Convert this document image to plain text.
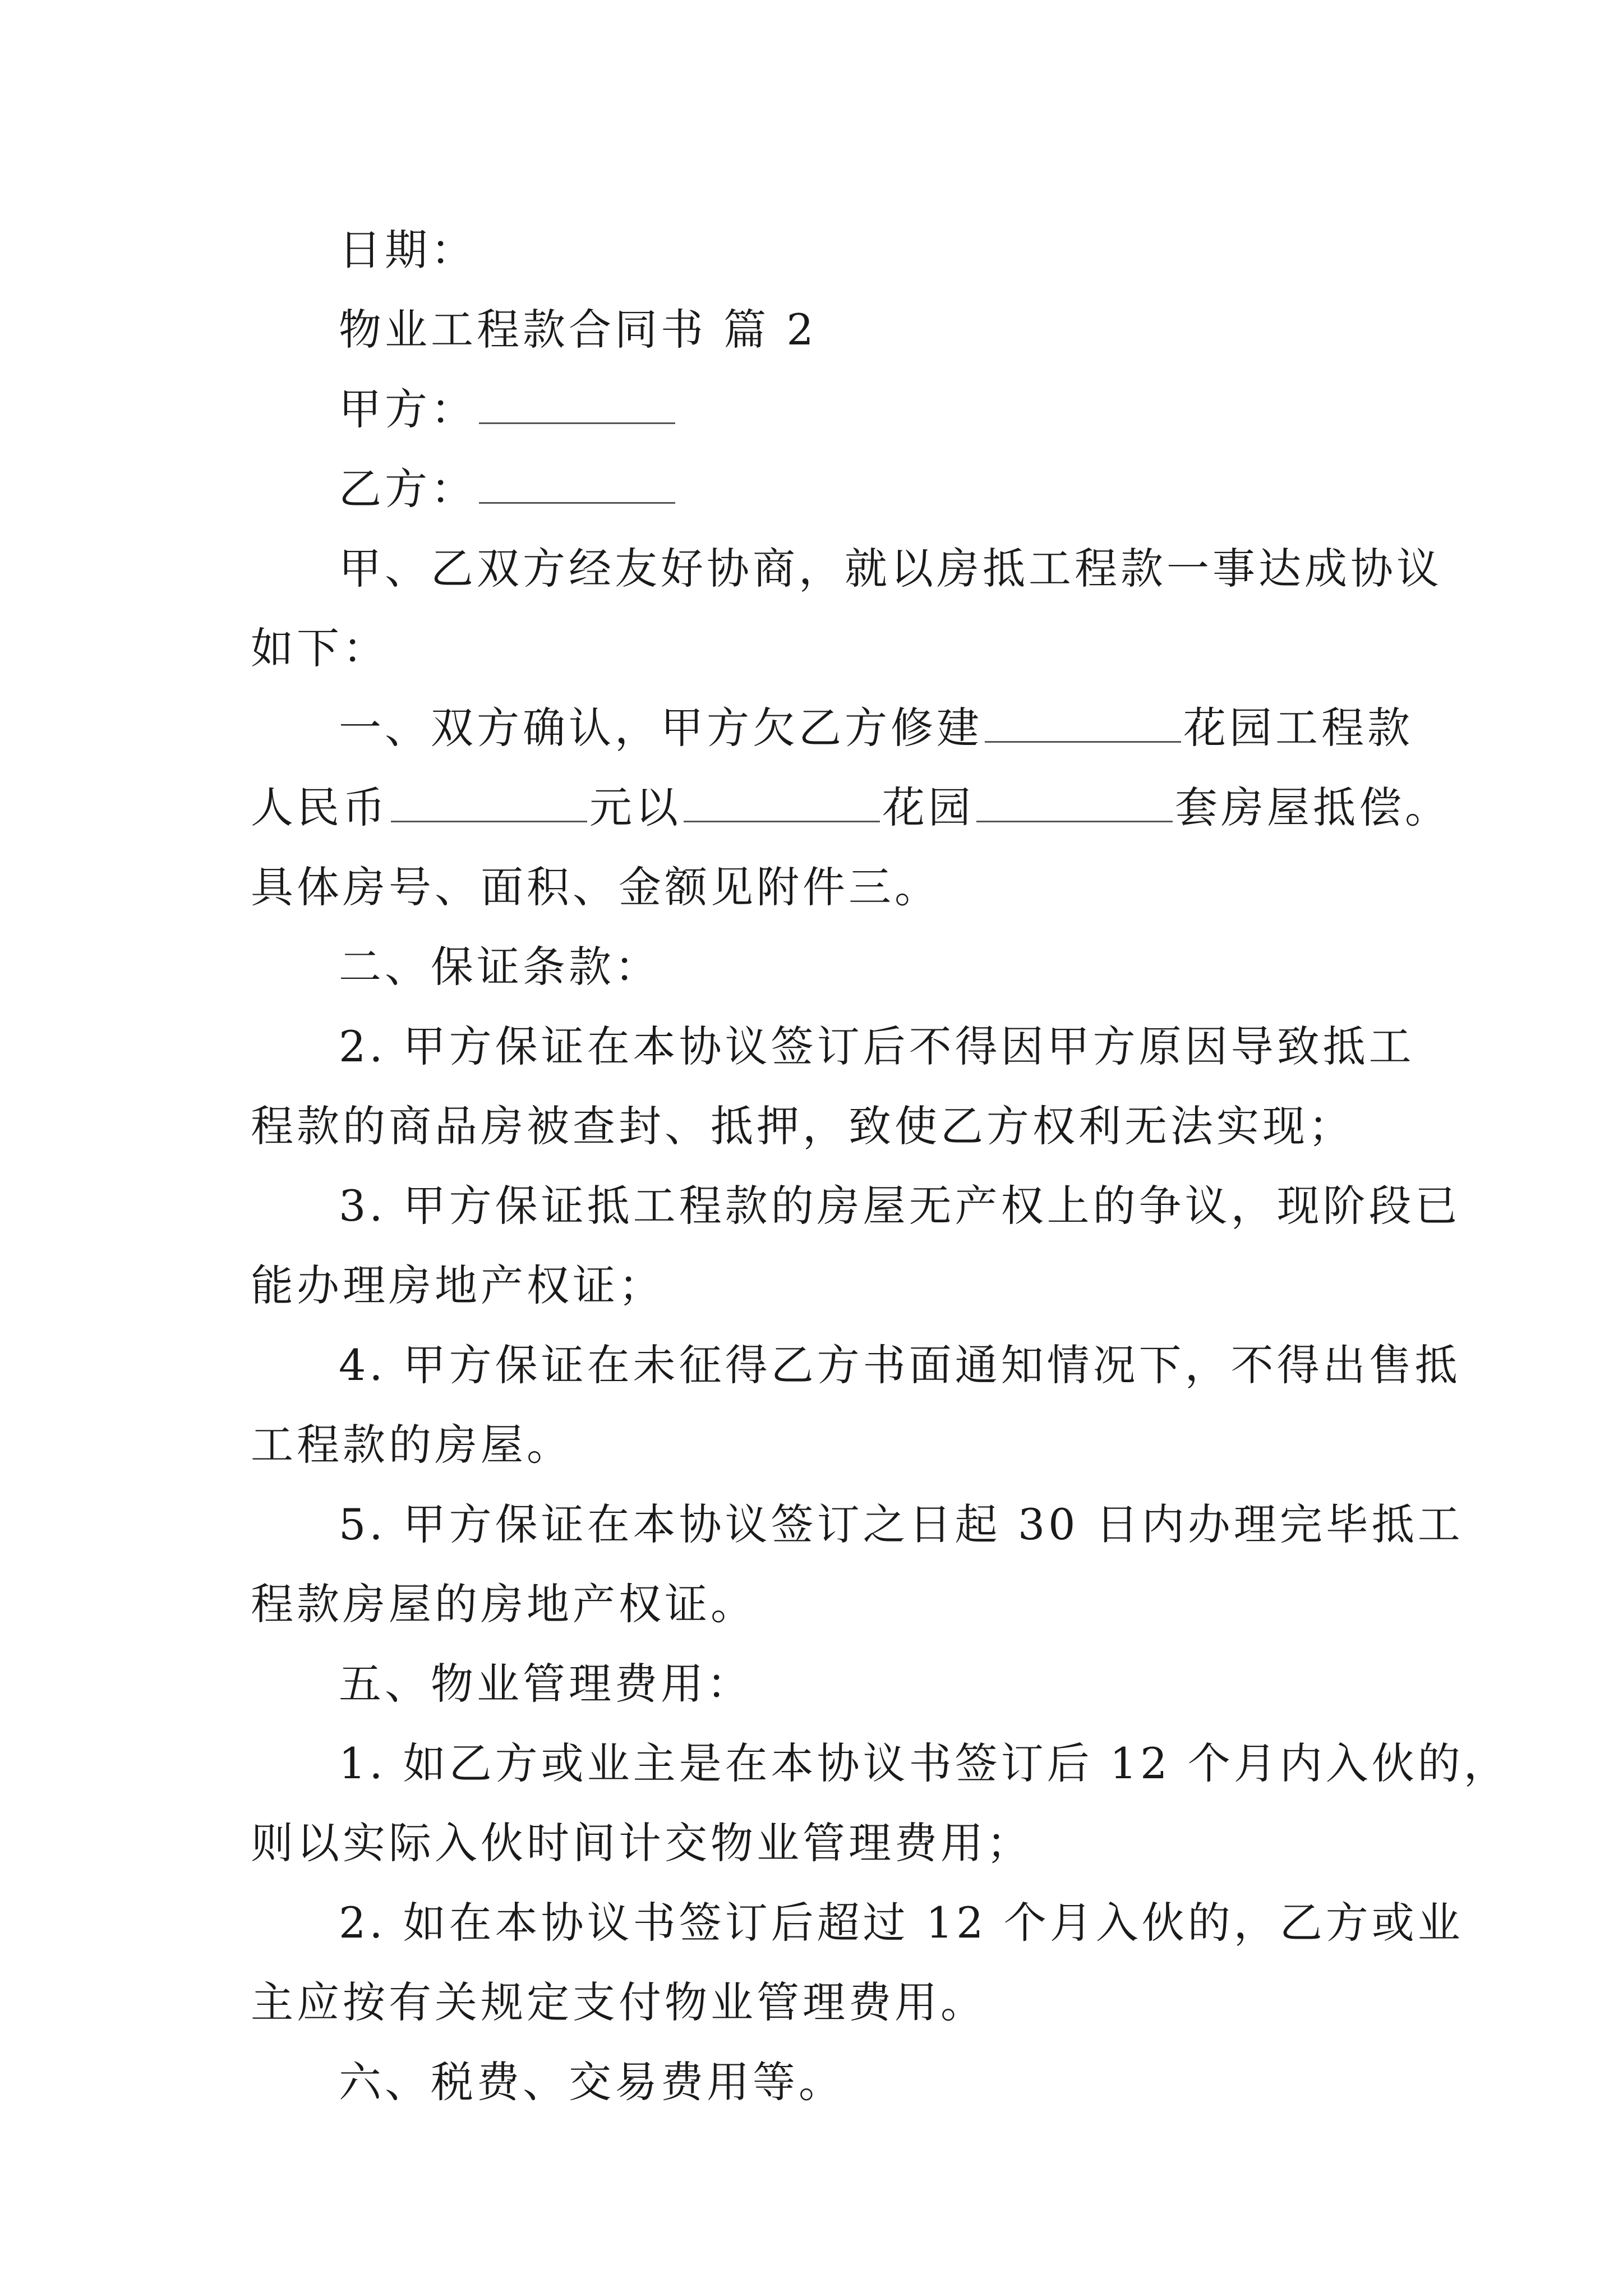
日期：
物业工程款合同书 篇 2
甲方：
乙方：
甲、乙双方经友好协商，就以房抵工程款一事达成协议
如下：
一、双方确认，甲方欠乙方修建	花园工程款
人民币	元以	花园	套房屋抵偿。
具体房号、面积、金额见附件三。
二、保证条款：
2. 甲方保证在本协议签订后不得因甲方原因导致抵工
程款的商品房被查封、抵押，致使乙方权利无法实现；
3. 甲方保证抵工程款的房屋无产权上的争议，现阶段已
能办理房地产权证；
4. 甲方保证在未征得乙方书面通知情况下，不得出售抵
工程款的房屋。
5. 甲方保证在本协议签订之日起 30 日内办理完毕抵工
程款房屋的房地产权证。
五、物业管理费用：
1. 如乙方或业主是在本协议书签订后 12 个月内入伙的，
则以实际入伙时间计交物业管理费用；
2. 如在本协议书签订后超过 12 个月入伙的，乙方或业
主应按有关规定支付物业管理费用。
六、税费、交易费用等。
